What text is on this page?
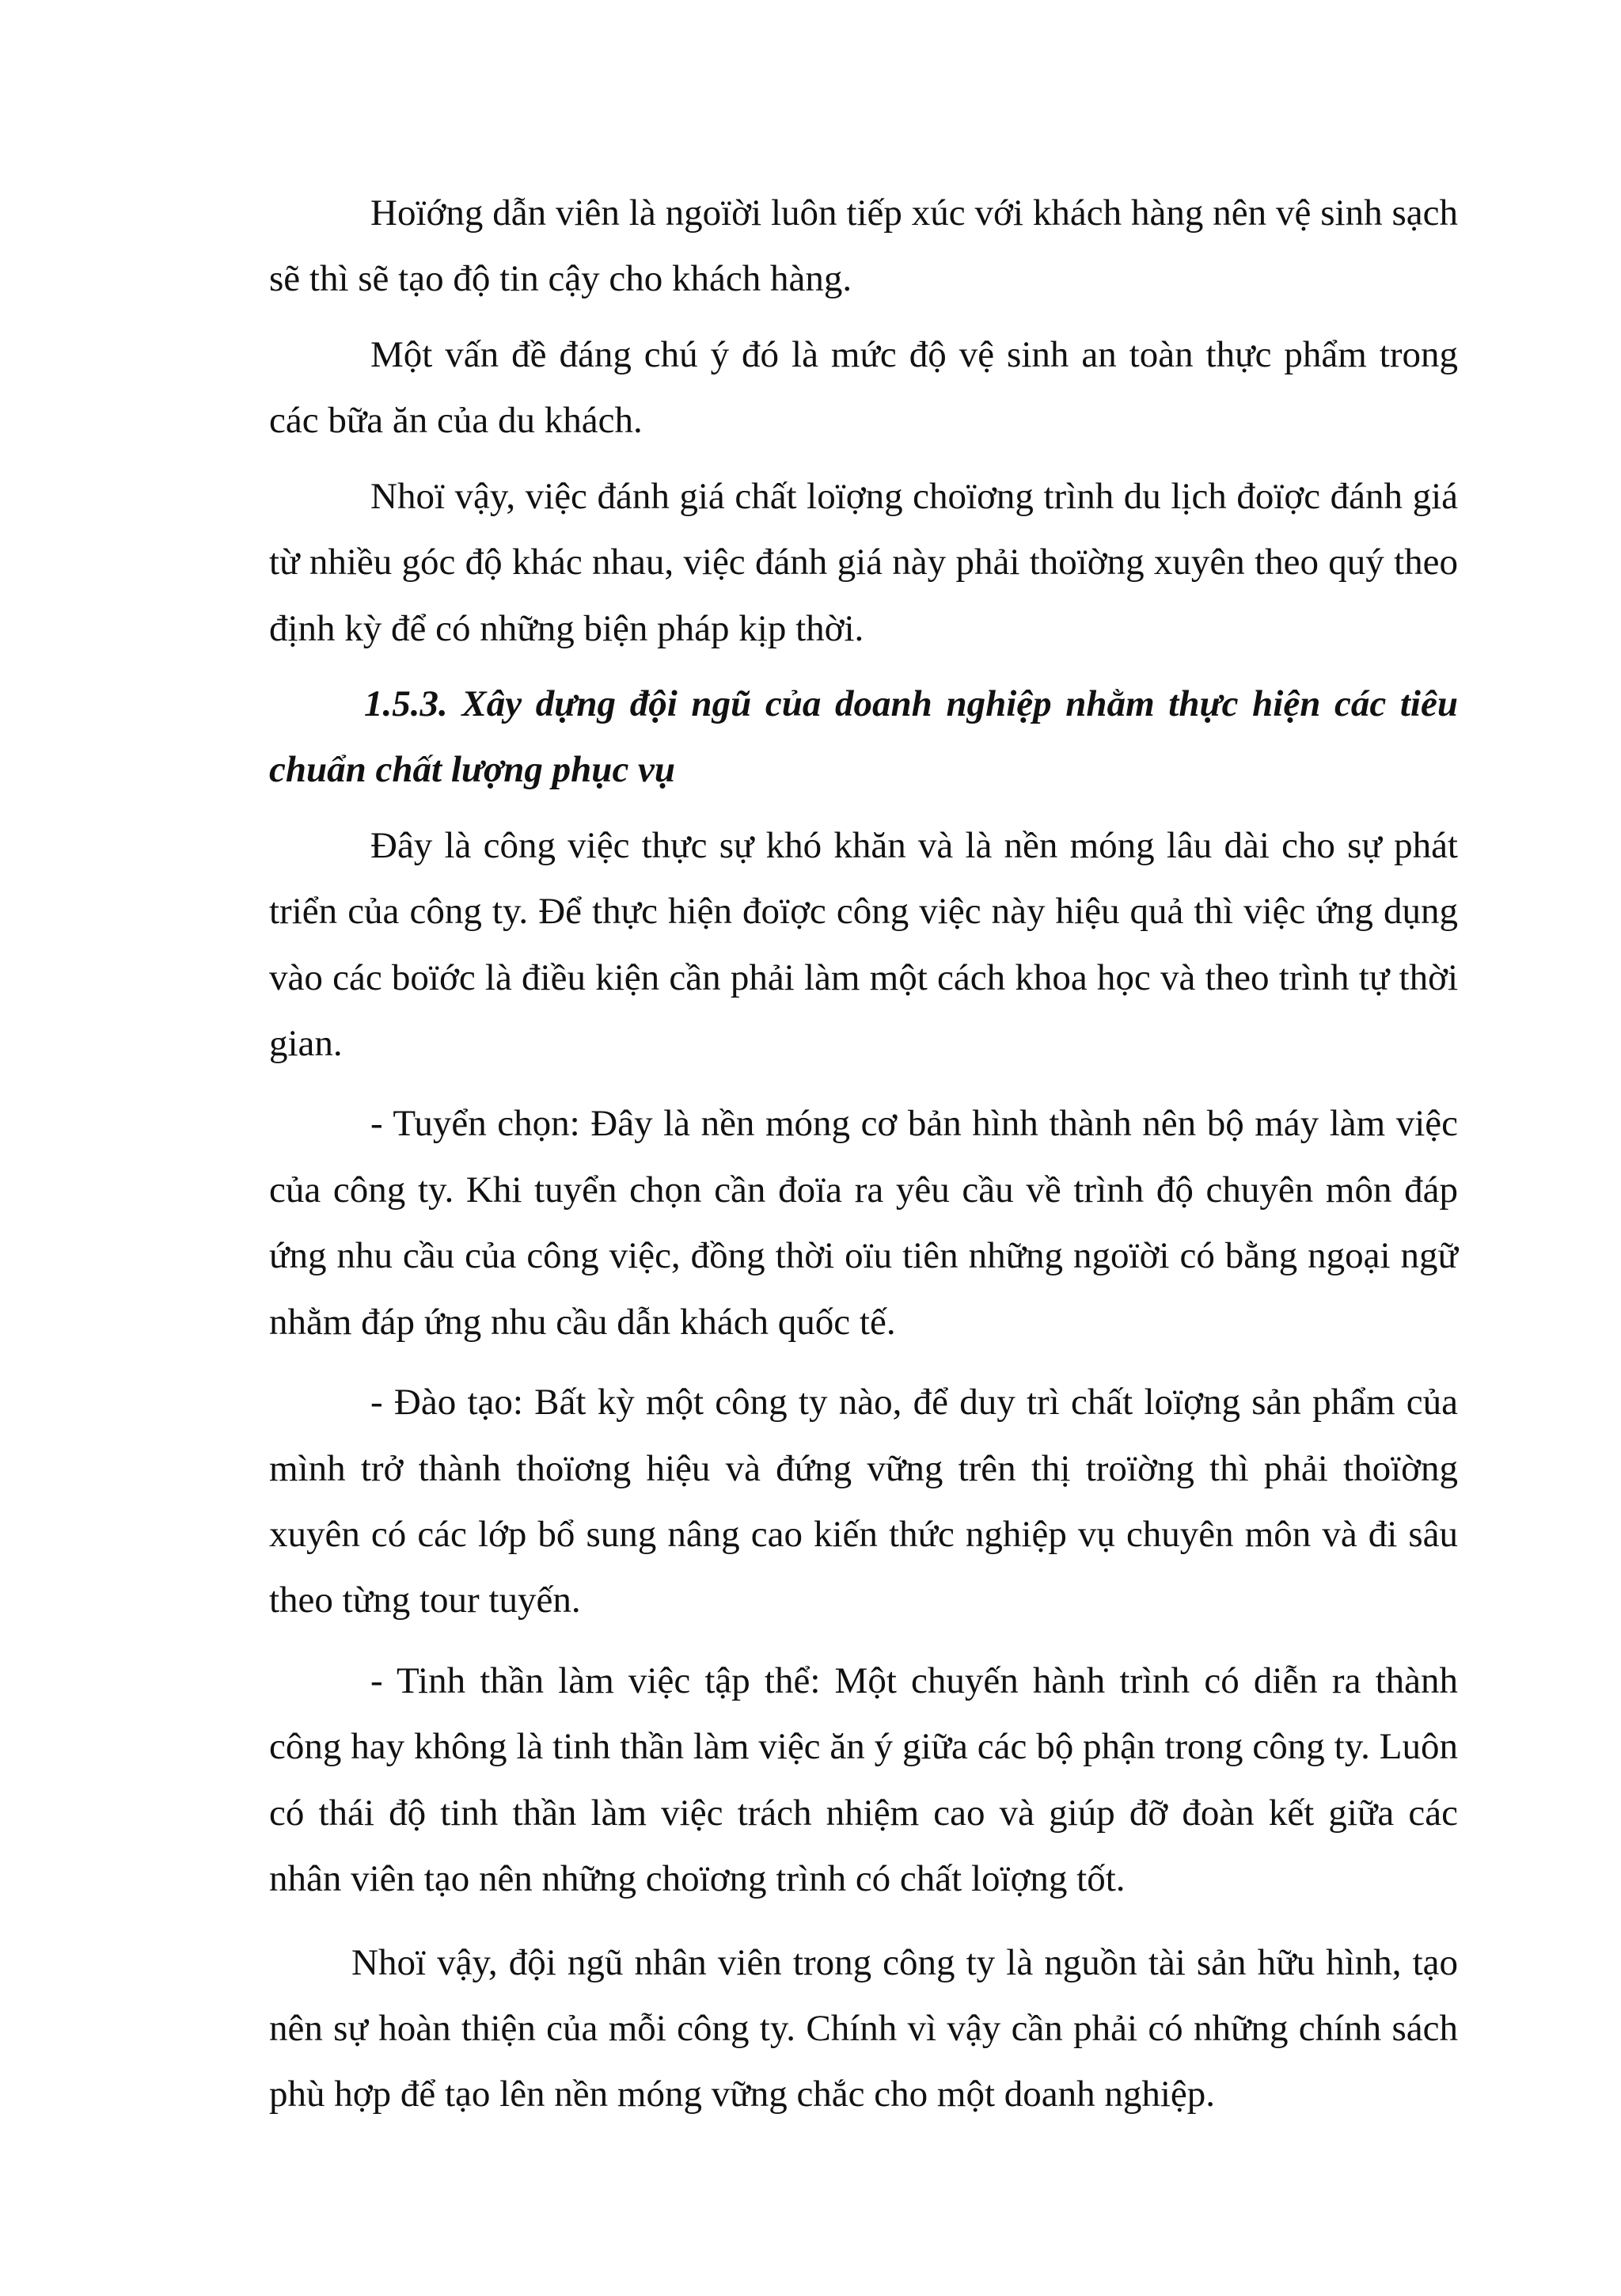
Hoïớng dẫn viên là ngoïời luôn tiếp xúc với khách hàng nên vệ sinh sạch sẽ thì sẽ tạo độ tin cậy cho khách hàng.

Một vấn đề đáng chú ý đó là mức độ vệ sinh an toàn thực phẩm trong các bữa ăn của du khách.

Nhoï vậy, việc đánh giá chất loïợng choïơng trình du lịch đoïợc đánh giá từ nhiều góc độ khác nhau, việc đánh giá này phải thoïờng xuyên theo quý theo định kỳ để có những biện pháp kịp thời.

1.5.3. Xây dựng đội ngũ của doanh nghiệp nhằm thực hiện các tiêu chuẩn chất lượng phục vụ

Đây là công việc thực sự khó khăn và là nền móng lâu dài cho sự phát triển của công ty. Để thực hiện đoïợc công việc này hiệu quả thì việc ứng dụng vào các boïớc là điều kiện cần phải làm một cách khoa học và theo trình tự thời gian.

- Tuyển chọn: Đây là nền móng cơ bản hình thành nên bộ máy làm việc của công ty. Khi tuyển chọn cần đoïa ra yêu cầu về trình độ chuyên môn đáp ứng nhu cầu của công việc, đồng thời oïu tiên những ngoïời có bằng ngoại ngữ nhằm đáp ứng nhu cầu dẫn khách quốc tế.

- Đào tạo: Bất kỳ một công ty nào, để duy trì chất loïợng sản phẩm của mình trở thành thoïơng hiệu và đứng vững trên thị troïờng thì phải thoïờng xuyên có các lớp bổ sung nâng cao kiến thức nghiệp vụ chuyên môn và đi sâu theo từng tour tuyến.

- Tinh thần làm việc tập thể: Một chuyến hành trình có diễn ra thành công hay không là tinh thần làm việc ăn ý giữa các bộ phận trong công ty. Luôn có thái độ tinh thần làm việc trách nhiệm cao và giúp đỡ đoàn kết giữa các nhân viên tạo nên những choïơng trình có chất loïợng tốt.

Nhoï vậy, đội ngũ nhân viên trong công ty là nguồn tài sản hữu hình, tạo nên sự hoàn thiện của mỗi công ty. Chính vì vậy cần phải có những chính sách phù hợp để tạo lên nền móng vững chắc cho một doanh nghiệp.
